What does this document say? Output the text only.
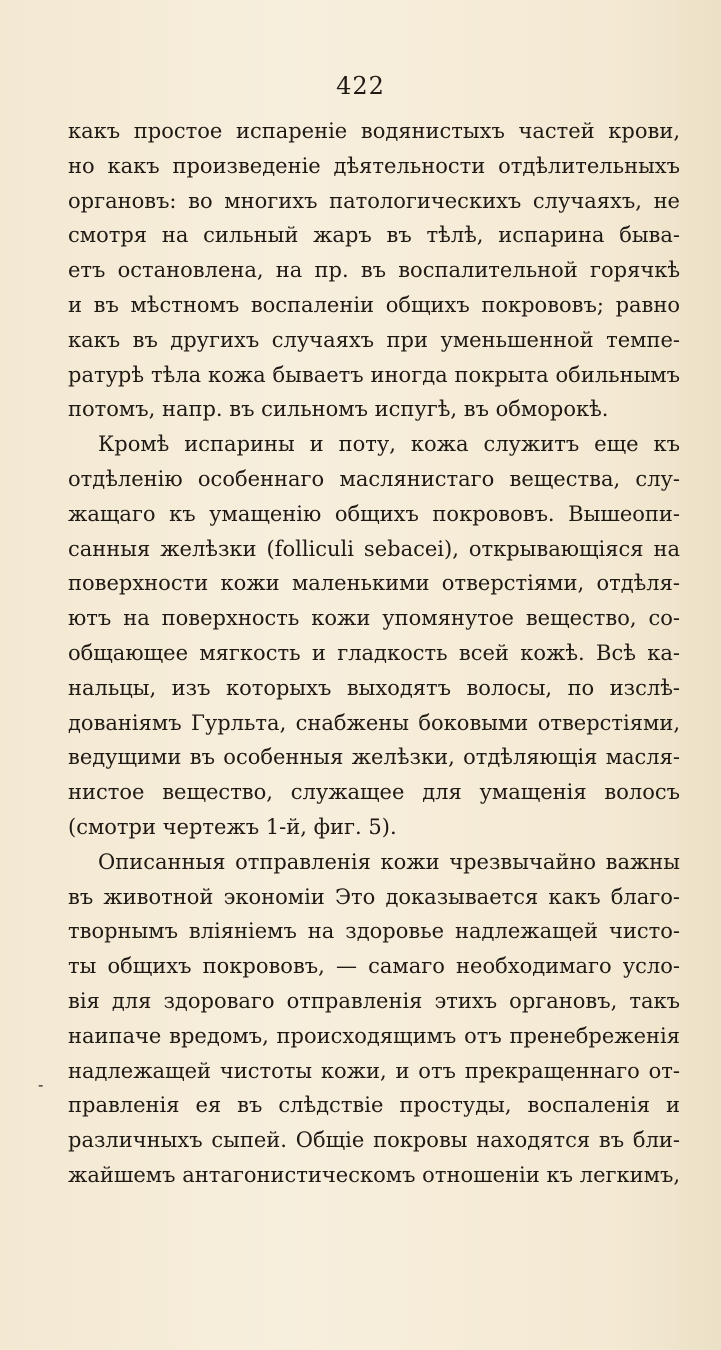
422
какъ простое испареніе водянистыхъ частей крови,
но какъ произведеніе дѣятельности отдѣлительныхъ
органовъ: во многихъ патологическихъ случаяхъ, не
смотря на сильный жаръ въ тѣлѣ, испарина быва-
етъ остановлена, на пр. въ воспалительной горячкѣ
и въ мѣстномъ воспаленіи общихъ покрововъ; равно
какъ въ другихъ случаяхъ при уменьшенной темпе-
ратурѣ тѣла кожа бываетъ иногда покрыта обильнымъ
потомъ, напр. въ сильномъ испугѣ, въ обморокѣ.
Кромѣ испарины и поту, кожа служитъ еще къ
отдѣленію особеннаго маслянистаго вещества, слу-
жащаго къ умащенію общихъ покрововъ. Вышеопи-
санныя желѣзки (folliculi sebacei), открывающіяся на
поверхности кожи маленькими отверстіями, отдѣля-
ютъ на поверхность кожи упомянутое вещество, со-
общающее мягкость и гладкость всей кожѣ. Всѣ ка-
нальцы, изъ которыхъ выходятъ волосы, по изслѣ-
дованіямъ Гурльта, снабжены боковыми отверстіями,
ведущими въ особенныя желѣзки, отдѣляющія масля-
нистое вещество, служащее для умащенія волосъ
(смотри чертежъ 1-й, фиг. 5).
Описанныя отправленія кожи чрезвычайно важны
въ животной экономіи Это доказывается какъ благо-
творнымъ вліяніемъ на здоровье надлежащей чисто-
ты общихъ покрововъ, — самаго необходимаго усло-
вія для здороваго отправленія этихъ органовъ, такъ
наипаче вредомъ, происходящимъ отъ пренебреженія
надлежащей чистоты кожи, и отъ прекращеннаго от-
правленія ея въ слѣдствіе простуды, воспаленія и
различныхъ сыпей. Общіе покровы находятся въ бли-
жайшемъ антагонистическомъ отношеніи къ легкимъ,
-
